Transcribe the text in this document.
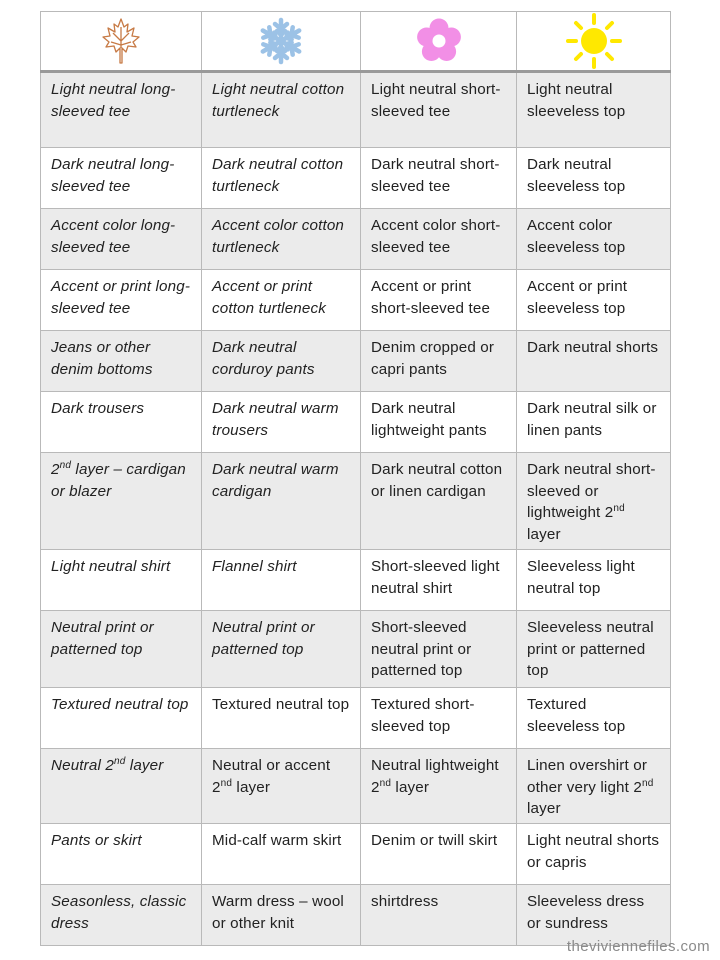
Light neutral long-sleeved tee	Light neutral cotton turtleneck	Light neutral short-sleeved tee	Light neutral sleeveless top
Dark neutral long-sleeved tee	Dark neutral cotton turtleneck	Dark neutral short-sleeved tee	Dark neutral sleeveless top
Accent color long-sleeved tee	Accent color cotton turtleneck	Accent color short-sleeved tee	Accent color sleeveless top
Accent or print long-sleeved tee	Accent or print cotton turtleneck	Accent or print short-sleeved tee	Accent or print sleeveless top
Jeans or other denim bottoms	Dark neutral corduroy pants	Denim cropped or capri pants	Dark neutral shorts
Dark trousers	Dark neutral warm trousers	Dark neutral lightweight pants	Dark neutral silk or linen pants
2nd layer – cardigan or blazer	Dark neutral warm cardigan	Dark neutral cotton or linen cardigan	Dark neutral short-sleeved or lightweight 2nd layer
Light neutral shirt	Flannel shirt	Short-sleeved light neutral shirt	Sleeveless light neutral top
Neutral print or patterned top	Neutral print or patterned top	Short-sleeved neutral print or patterned top	Sleeveless neutral print or patterned top
Textured neutral top	Textured neutral top	Textured short-sleeved top	Textured sleeveless top
Neutral 2nd layer	Neutral or accent 2nd layer	Neutral lightweight 2nd layer	Linen overshirt or other very light 2nd layer
Pants or skirt	Mid-calf warm skirt	Denim or twill skirt	Light neutral shorts or capris
Seasonless, classic dress	Warm dress – wool or other knit	shirtdress	Sleeveless dress or sundress
theviviennefiles.com
